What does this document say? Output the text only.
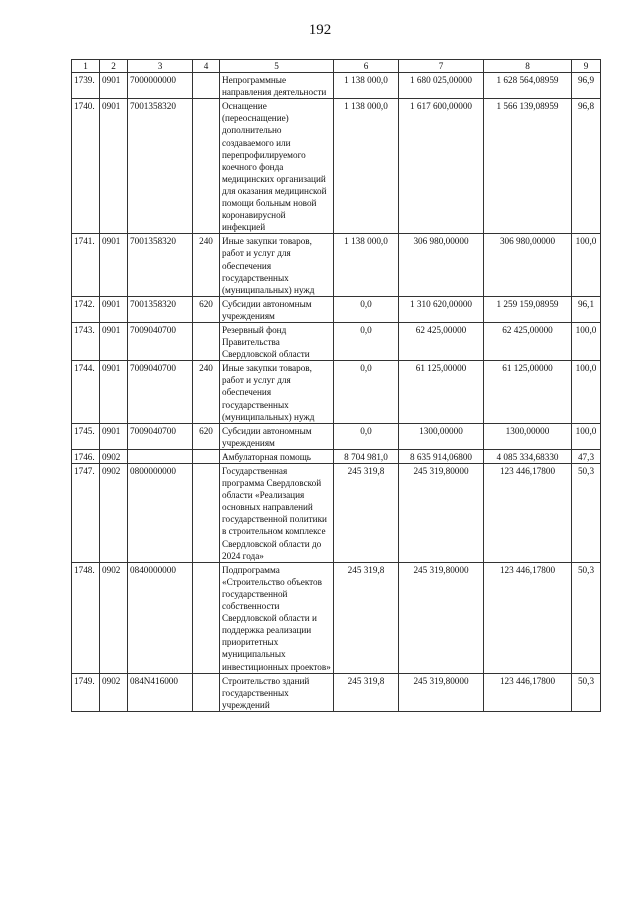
192
1	2	3	4	5	6	7	8	9
1739.	0901	7000000000		Непрограммные направления деятельности	1 138 000,0	1 680 025,00000	1 628 564,08959	96,9
1740.	0901	7001358320		Оснащение (переоснащение) дополнительно создаваемого или перепрофилируемого коечного фонда медицинских организаций для оказания медицинской помощи больным новой коронавирусной инфекцией	1 138 000,0	1 617 600,00000	1 566 139,08959	96,8
1741.	0901	7001358320	240	Иные закупки товаров, работ и услуг для обеспечения государственных (муниципальных) нужд	1 138 000,0	306 980,00000	306 980,00000	100,0
1742.	0901	7001358320	620	Субсидии автономным учреждениям	0,0	1 310 620,00000	1 259 159,08959	96,1
1743.	0901	7009040700		Резервный фонд Правительства Свердловской области	0,0	62 425,00000	62 425,00000	100,0
1744.	0901	7009040700	240	Иные закупки товаров, работ и услуг для обеспечения государственных (муниципальных) нужд	0,0	61 125,00000	61 125,00000	100,0
1745.	0901	7009040700	620	Субсидии автономным учреждениям	0,0	1300,00000	1300,00000	100,0
1746.	0902			Амбулаторная помощь	8 704 981,0	8 635 914,06800	4 085 334,68330	47,3
1747.	0902	0800000000		Государственная программа Свердловской области «Реализация основных направлений государственной политики в строительном комплексе Свердловской области до 2024 года»	245 319,8	245 319,80000	123 446,17800	50,3
1748.	0902	0840000000		Подпрограмма «Строительство объектов государственной собственности Свердловской области и поддержка реализации приоритетных муниципальных инвестиционных проектов»	245 319,8	245 319,80000	123 446,17800	50,3
1749.	0902	084N416000		Строительство зданий государственных учреждений	245 319,8	245 319,80000	123 446,17800	50,3
